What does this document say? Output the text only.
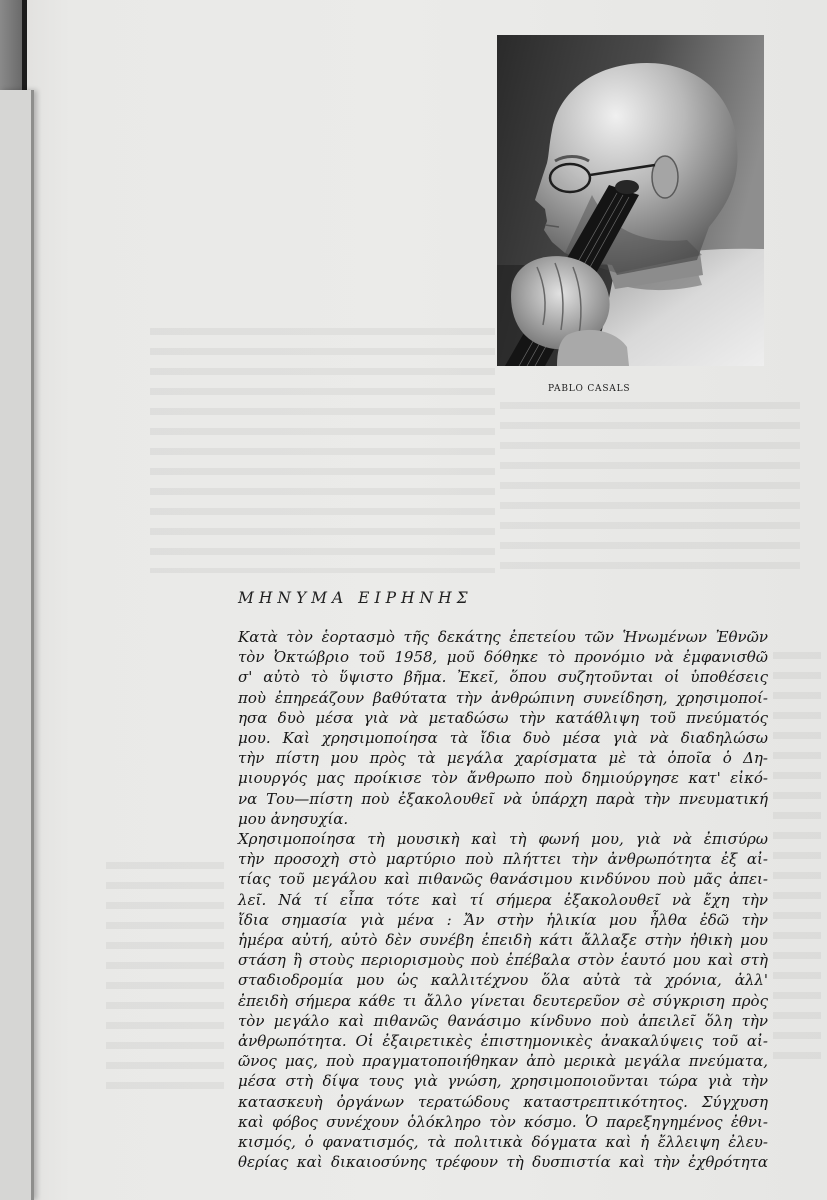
PABLO CASALS
ΜΗΝΥΜΑ ΕΙΡΗΝΗΣ
Κατὰ τὸν ἑορτασμὸ τῆς δεκάτης ἐπετείου τῶν Ἡνωμένων Ἐθνῶν
τὸν Ὀκτώβριο τοῦ 1958, μοῦ δόθηκε τὸ προνόμιο νὰ ἐμφανισθῶ
σ' αὐτὸ τὸ ὕψιστο βῆμα. Ἐκεῖ, ὅπου συζητοῦνται οἱ ὑποθέσεις
ποὺ ἐπηρεάζουν βαθύτατα τὴν ἀνθρώπινη συνείδηση, χρησιμοποί-
ησα δυὸ μέσα γιὰ νὰ μεταδώσω τὴν κατάθλιψη τοῦ πνεύματός
μου. Καὶ χρησιμοποίησα τὰ ἴδια δυὸ μέσα γιὰ νὰ διαδηλώσω
τὴν πίστη μου πρὸς τὰ μεγάλα χαρίσματα μὲ τὰ ὁποῖα ὁ Δη-
μιουργός μας προίκισε τὸν ἄνθρωπο ποὺ δημιούργησε κατ' εἰκό-
να Του—πίστη ποὺ ἐξακολουθεῖ νὰ ὑπάρχη παρὰ τὴν πνευματική
μου ἀνησυχία.
Χρησιμοποίησα τὴ μουσικὴ καὶ τὴ φωνή μου, γιὰ νὰ ἐπισύρω
τὴν προσοχὴ στὸ μαρτύριο ποὺ πλήττει τὴν ἀνθρωπότητα ἐξ αἰ-
τίας τοῦ μεγάλου καὶ πιθανῶς θανάσιμου κινδύνου ποὺ μᾶς ἀπει-
λεῖ. Νά τί εἶπα τότε καὶ τί σήμερα ἐξακολουθεῖ νὰ ἔχη τὴν
ἴδια σημασία γιὰ μένα : Ἄν στὴν ἡλικία μου ἦλθα ἐδῶ τὴν
ἡμέρα αὐτή, αὐτὸ δὲν συνέβη ἐπειδὴ κάτι ἄλλαξε στὴν ἠθικὴ μου
στάση ἢ στοὺς περιορισμοὺς ποὺ ἐπέβαλα στὸν ἑαυτό μου καὶ στὴ
σταδιοδρομία μου ὡς καλλιτέχνου ὅλα αὐτὰ τὰ χρόνια, ἀλλ'
ἐπειδὴ σήμερα κάθε τι ἄλλο γίνεται δευτερεῦον σὲ σύγκριση πρὸς
τὸν μεγάλο καὶ πιθανῶς θανάσιμο κίνδυνο ποὺ ἀπειλεῖ ὅλη τὴν
ἀνθρωπότητα. Οἱ ἐξαιρετικὲς ἐπιστημονικὲς ἀνακαλύψεις τοῦ αἰ-
ῶνος μας, ποὺ πραγματοποιήθηκαν ἀπὸ μερικὰ μεγάλα πνεύματα,
μέσα στὴ δίψα τους γιὰ γνώση, χρησιμοποιοῦνται τώρα γιὰ τὴν
κατασκευὴ ὀργάνων τερατώδους καταστρεπτικότητος. Σύγχυση
καὶ φόβος συνέχουν ὁλόκληρο τὸν κόσμο. Ὁ παρεξηγημένος ἐθνι-
κισμός, ὁ φανατισμός, τὰ πολιτικὰ δόγματα καὶ ἡ ἔλλειψη ἐλευ-
θερίας καὶ δικαιοσύνης τρέφουν τὴ δυσπιστία καὶ τὴν ἐχθρότητα
